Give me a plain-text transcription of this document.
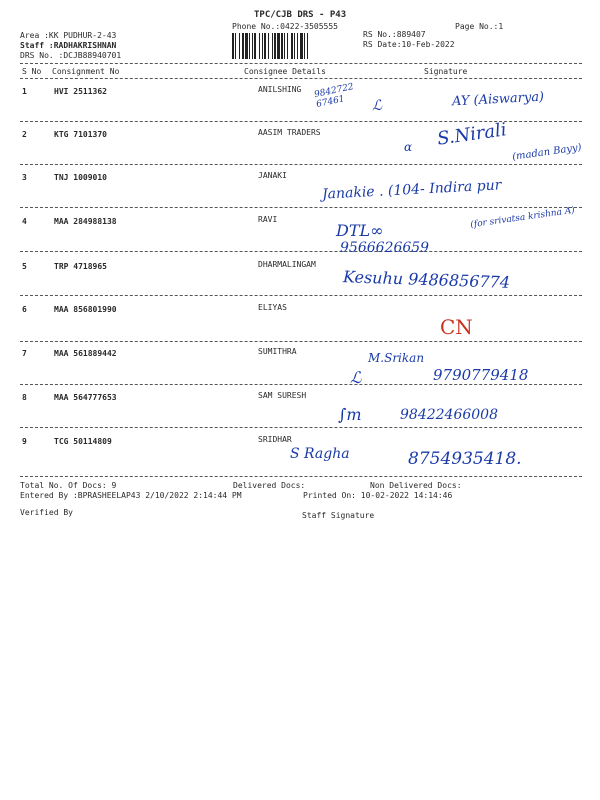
TPC/CJB DRS - P43
Phone No.:0422-3505555	Page No.:1
Area :KK PUDHUR-2-43
Staff :RADHAKRISHNAN
DRS No. :DCJB88940701
RS No.:889407
RS Date:10-Feb-2022
S No Consignment No	Consignee Details	Signature
1	HVI 2511362	ANILSHING
2	KTG 7101370	AASIM TRADERS
3	TNJ 1009010	JANAKI
4	MAA 284988138	RAVI
5	TRP 4718965	DHARMALINGAM
6	MAA 856801990	ELIYAS
7	MAA 561889442	SUMITHRA
8	MAA 564777653	SAM SURESH
9	TCG 50114809	SRIDHAR
9842722
67461	ℒ	AY (Aiswarya)
α S.Nirali
(madan Bayy)
Janakie . (104- Indira pur
DTL∞
(for srivatsa krishna A)
9566626659
Kesuhu 9486856774
CN
ℒ
M.Srikan
9790779418
∫m	98422466008
S Ragha	8754935418.
Total No. Of Docs: 9	Delivered Docs:	Non Delivered Docs:
Entered By :BPRASHEELAP43 2/10/2022 2:14:44 PM	Printed On: 10-02-2022 14:14:46
Verified By	Staff Signature
